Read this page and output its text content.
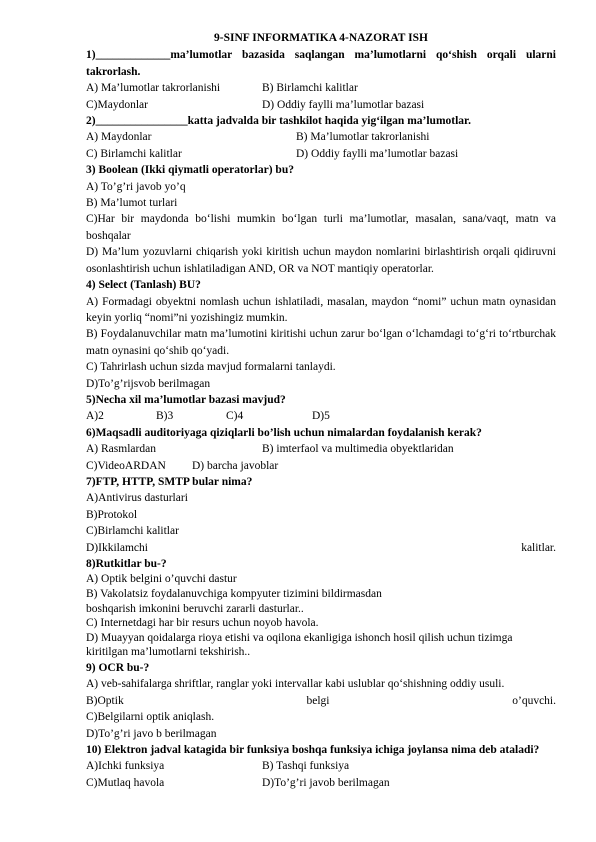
9-SINF INFORMATIKA 4-NAZORAT ISH
1)_____________ma’lumotlar bazasida saqlangan ma’lumotlarni qo‘shish orqali ularni takrorlash.
A) Ma’lumotlar takrorlanishi	B) Birlamchi kalitlar
C)Maydonlar	D) Oddiy faylli ma’lumotlar bazasi
2)________________katta jadvalda bir tashkilot haqida yig‘ilgan ma’lumotlar.
A) Maydonlar	B) Ma’lumotlar takrorlanishi
C) Birlamchi kalitlar	D) Oddiy faylli ma’lumotlar bazasi
3) Boolean (Ikki qiymatli operatorlar) bu?
A) To’g’ri javob yo’q
B) Ma’lumot turlari
C)Har bir maydonda bo‘lishi mumkin bo‘lgan turli ma’lumotlar, masalan, sana/vaqt, matn va boshqalar
D) Ma’lum yozuvlarni chiqarish yoki kiritish uchun maydon nomlarini birlashtirish orqali qidiruvni osonlashtirish uchun ishlatiladigan AND, OR va NOT mantiqiy operatorlar.
4) Select (Tanlash) BU?
A) Formadagi obyektni nomlash uchun ishlatiladi, masalan, maydon “nomi” uchun matn oynasidan keyin yorliq “nomi”ni yozishingiz mumkin.
B) Foydalanuvchilar matn ma’lumotini kiritishi uchun zarur bo‘lgan o‘lchamdagi to‘g‘ri to‘rtburchak matn oynasini qo‘shib qo‘yadi.
C) Tahrirlash uchun sizda mavjud formalarni tanlaydi.
D)To’g’rijsvob berilmagan
5)Necha xil ma’lumotlar bazasi mavjud?
A)2	B)3	C)4	D)5
6)Maqsadli auditoriyaga qiziqlarli bo’lish uchun nimalardan foydalanish kerak?
A) Rasmlardan	B) imterfaol va multimedia obyektlaridan
C)VideoARDAN	D) barcha javoblar
7)FTP, HTTP, SMTP bular nima?
A)Antivirus dasturlari
B)Protokol
C)Birlamchi kalitlar
D)Ikkilamchi	kalitlar.
8)Rutkitlar bu-?
A) Optik belgini o’quvchi dastur
B) Vakolatsiz foydalanuvchiga kompyuter tizimini bildirmasdan
boshqarish imkonini beruvchi zararli dasturlar..
C) Internetdagi har bir resurs uchun noyob havola.
D) Muayyan qoidalarga rioya etishi va oqilona ekanligiga ishonch hosil qilish uchun tizimga
kiritilgan ma’lumotlarni tekshirish..
9) OCR bu-?
A) veb-sahifalarga shriftlar, ranglar yoki intervallar kabi uslublar qo‘shishning oddiy usuli.
B)Optik	belgi	o’quvchi.
C)Belgilarni optik aniqlash.
D)To’g’ri javo b berilmagan
10) Elektron jadval katagida bir funksiya boshqa funksiya ichiga joylansa nima deb ataladi?
A)Ichki funksiya	B) Tashqi funksiya
C)Mutlaq havola	D)To’g’ri javob berilmagan
